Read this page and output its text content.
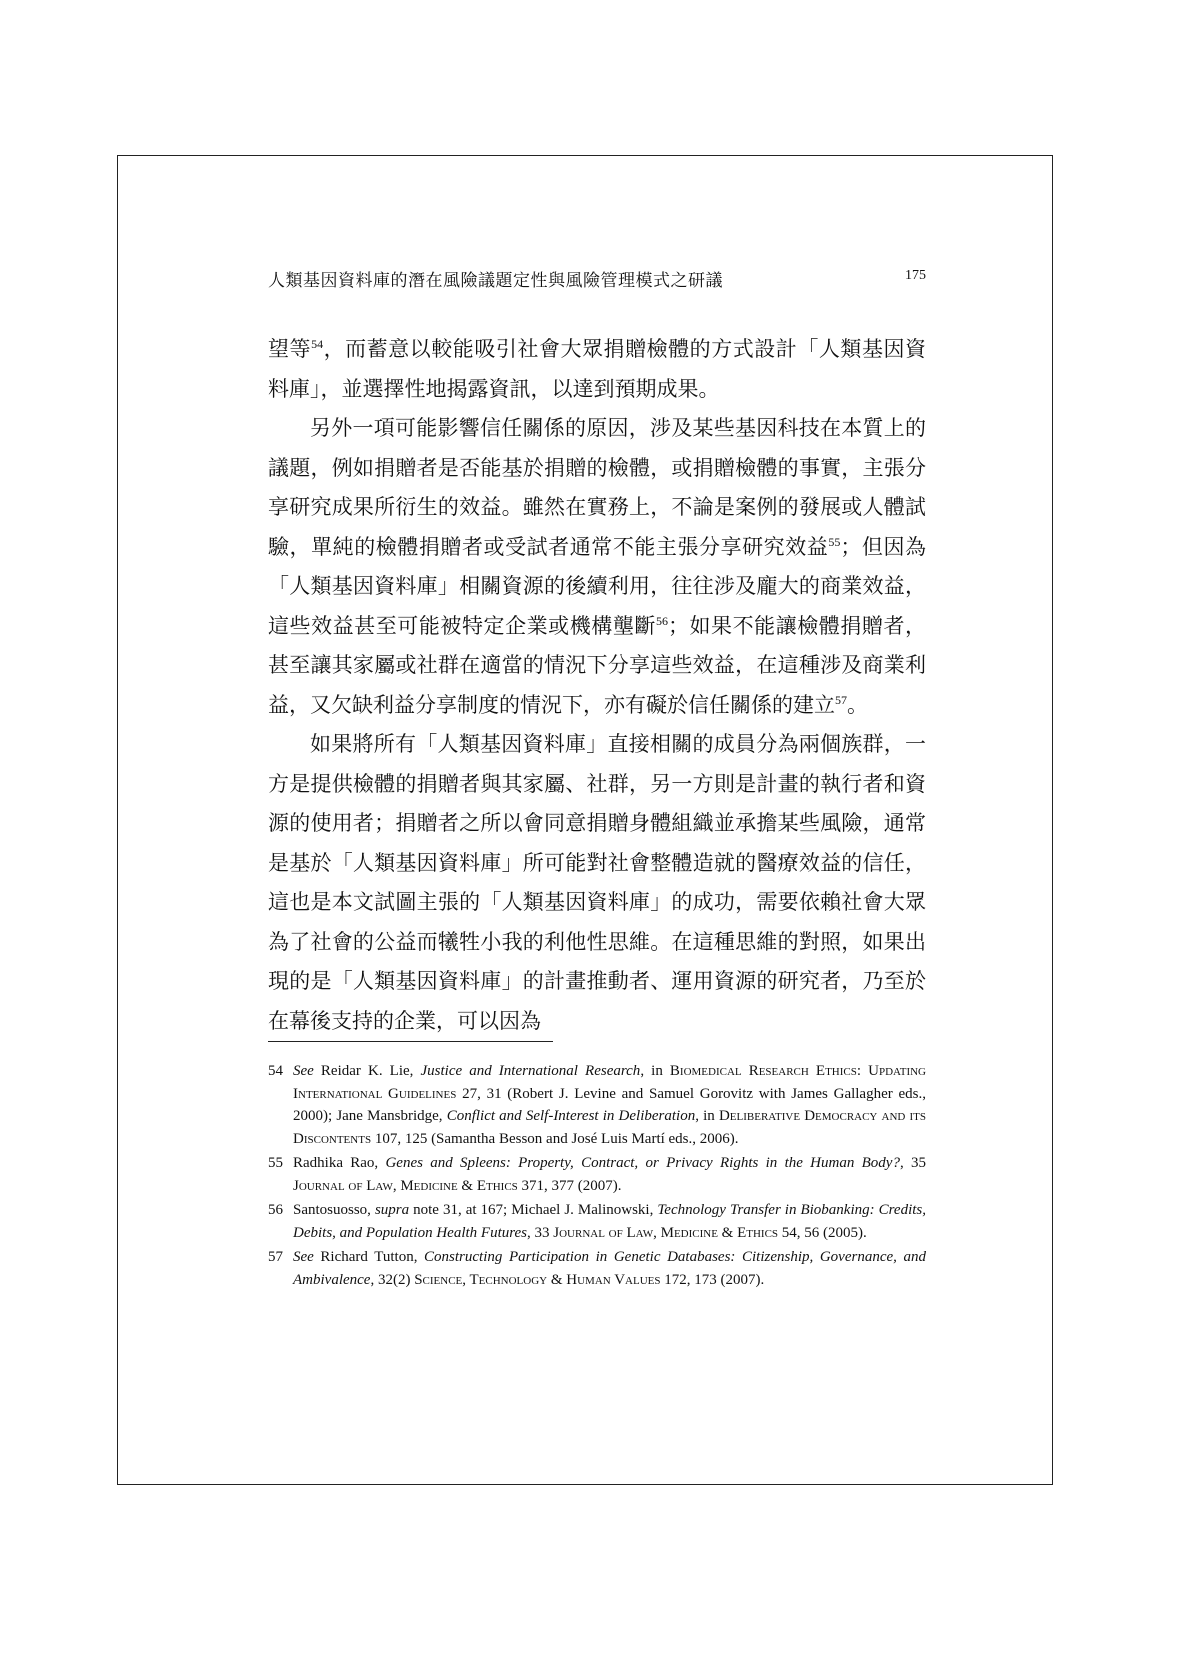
人類基因資料庫的潛在風險議題定性與風險管理模式之研議	175

望等$^{54}$，而蓄意以較能吸引社會大眾捐贈檢體的方式設計「人類基因資料庫」，並選擇性地揭露資訊，以達到預期成果。

另外一項可能影響信任關係的原因，涉及某些基因科技在本質上的議題，例如捐贈者是否能基於捐贈的檢體，或捐贈檢體的事實，主張分享研究成果所衍生的效益。雖然在實務上，不論是案例的發展或人體試驗，單純的檢體捐贈者或受試者通常不能主張分享研究效益$^{55}$；但因為「人類基因資料庫」相關資源的後續利用，往往涉及龐大的商業效益，這些效益甚至可能被特定企業或機構壟斷$^{56}$；如果不能讓檢體捐贈者，甚至讓其家屬或社群在適當的情況下分享這些效益，在這種涉及商業利益，又欠缺利益分享制度的情況下，亦有礙於信任關係的建立$^{57}$。

如果將所有「人類基因資料庫」直接相關的成員分為兩個族群，一方是提供檢體的捐贈者與其家屬、社群，另一方則是計畫的執行者和資源的使用者；捐贈者之所以會同意捐贈身體組織並承擔某些風險，通常是基於「人類基因資料庫」所可能對社會整體造就的醫療效益的信任，這也是本文試圖主張的「人類基因資料庫」的成功，需要依賴社會大眾為了社會的公益而犧牲小我的利他性思維。在這種思維的對照，如果出現的是「人類基因資料庫」的計畫推動者、運用資源的研究者，乃至於在幕後支持的企業，可以因為

54 See Reidar K. Lie, Justice and International Research, in Biomedical Research Ethics: Updating International Guidelines 27, 31 (Robert J. Levine and Samuel Gorovitz with James Gallagher eds., 2000); Jane Mansbridge, Conflict and Self-Interest in Deliberation, in Deliberative Democracy and its Discontents 107, 125 (Samantha Besson and José Luis Martí eds., 2006).
55 Radhika Rao, Genes and Spleens: Property, Contract, or Privacy Rights in the Human Body?, 35 Journal of Law, Medicine & Ethics 371, 377 (2007).
56 Santosuosso, supra note 31, at 167; Michael J. Malinowski, Technology Transfer in Biobanking: Credits, Debits, and Population Health Futures, 33 Journal of Law, Medicine & Ethics 54, 56 (2005).
57 See Richard Tutton, Constructing Participation in Genetic Databases: Citizenship, Governance, and Ambivalence, 32(2) Science, Technology & Human Values 172, 173 (2007).
